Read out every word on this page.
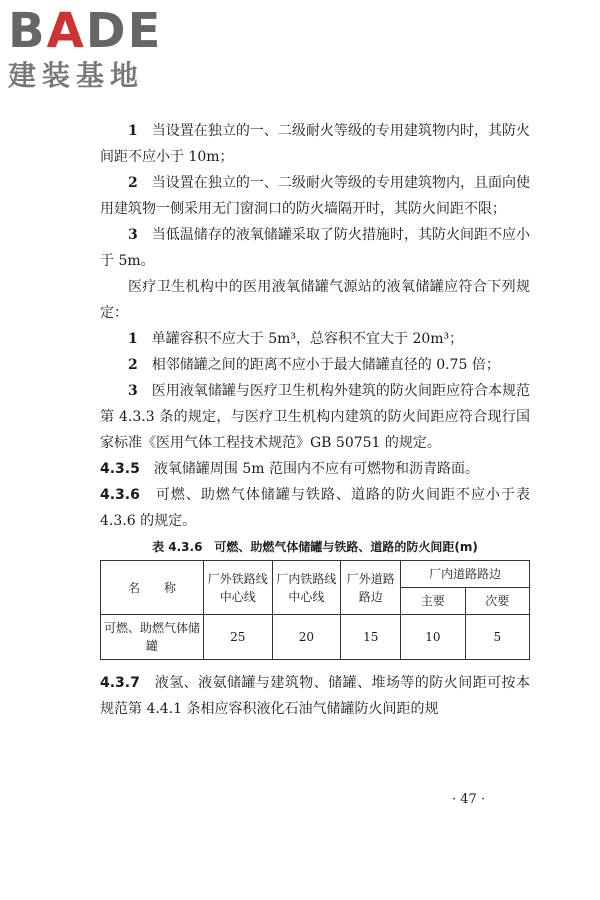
BADE
建装基地

1　 当设置在独立的一、二级耐火等级的专用建筑物内时，其防火间距不应小于 10m；

2　 当设置在独立的一、二级耐火等级的专用建筑物内，且面向使用建筑物一侧采用无门窗洞口的防火墙隔开时，其防火间距不限；

3　 当低温储存的液氧储罐采取了防火措施时，其防火间距不应小于 5m。

医疗卫生机构中的医用液氧储罐气源站的液氧储罐应符合下列规定：

1　 单罐容积不应大于 5m³，总容积不宜大于 20m³；

2　 相邻储罐之间的距离不应小于最大储罐直径的 0.75 倍；

3　 医用液氧储罐与医疗卫生机构外建筑的防火间距应符合本规范第 4.3.3 条的规定，与医疗卫生机构内建筑的防火间距应符合现行国家标准《医用气体工程技术规范》GB 50751 的规定。

4.3.5　 液氧储罐周围 5m 范围内不应有可燃物和沥青路面。

4.3.6　 可燃、助燃气体储罐与铁路、道路的防火间距不应小于表 4.3.6 的规定。

表 4.3.6　可燃、助燃气体储罐与铁路、道路的防火间距(m)
名　　称	厂外铁路线中心线	厂内铁路线中心线	厂外道路路边	厂内道路路边	
				主要	次要
可燃、助燃气体储罐	25	20	15	10	5

4.3.7　 液氢、液氨储罐与建筑物、储罐、堆场等的防火间距可按本规范第 4.4.1 条相应容积液化石油气储罐防火间距的规

· 47 ·
